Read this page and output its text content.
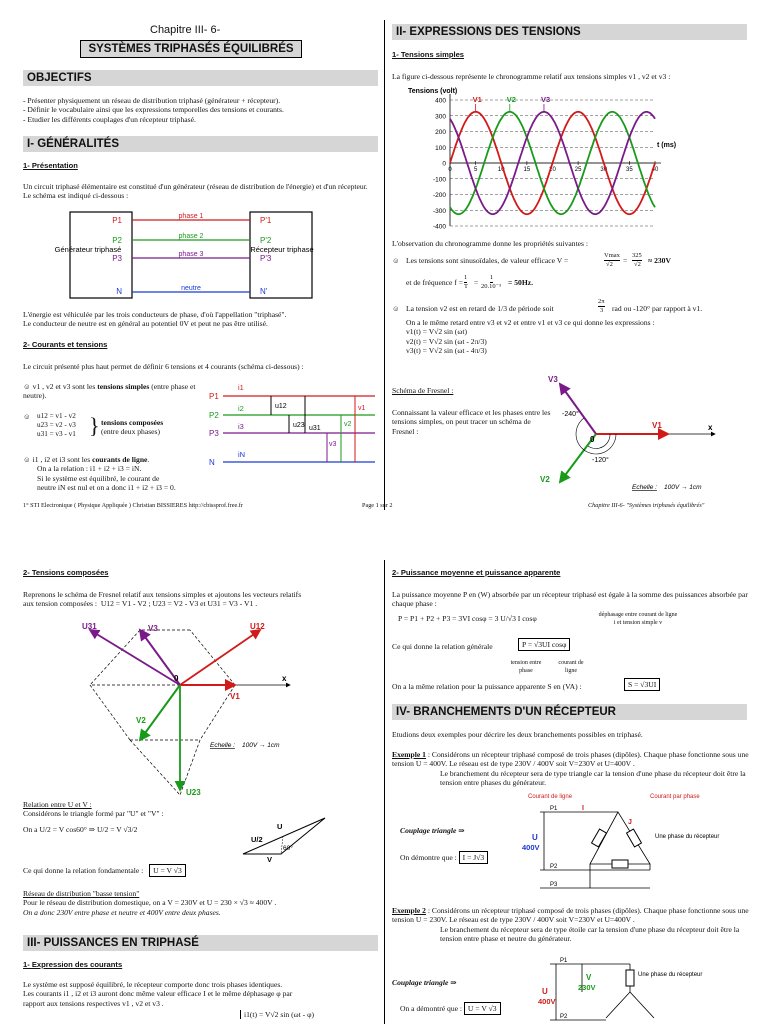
Chapitre III- 6-
SYSTÈMES TRIPHASÉS ÉQUILIBRÉS
OBJECTIFS
- Présenter physiquement un réseau de distribution triphasé (générateur + récepteur).
- Définir le vocabulaire ainsi que les expressions temporelles des tensions et courants.
- Etudier les différents couplages d'un récepteur triphasé.
I- GÉNÉRALITÉS
1- Présentation
Un circuit triphasé élémentaire est constitué d'un générateur (réseau de distribution de l'énergie) et d'un récepteur. Le schéma est indiqué ci-dessous :
P1
P2
P3
N
P'1
P'2
P'3
N'
phase 1
phase 2
phase 3
neutre
Générateur triphasé	Récepteur triphasé
L'énergie est véhiculée par les trois conducteurs de phase, d'où l'appellation "triphasé".
Le conducteur de neutre est en général au potentiel 0V et peut ne pas être utilisé.
2- Courants et tensions
Le circuit présenté plus haut permet de définir 6 tensions et 4 courants (schéma ci-dessous) :
☺ v1 , v2 et v3 sont les tensions simples (entre phase et neutre).
☺ u12 = v1 - v2
u23 = v2 - v3
u31 = v3 - v1 } tensions composées
(entre deux phases)
☺ i1 , i2 et i3 sont les courants de ligne.
On a la relation : i1 + i2 + i3 = iN.
Si le système est équilibré, le courant de
neutre iN est nul et on a donc i1 + i2 + i3 = 0.
P1
P2
P3
N
i1
i2
i3
iN
u12
u23 u31
v1
v2
v3
II- EXPRESSIONS DES TENSIONS
1- Tensions simples
La figure ci-dessous représente le chronogramme relatif aux tensions simples v1 , v2 et v3 :
-400
-300
-200
-100
0
100
200
300
400
0	5	10	15	20	25	30	35	40
Tensions (volt)
t (ms)
V1	V2	V3
L'observation du chronogramme donne les propriétés suivantes :
☺ Les tensions sont sinusoïdales, de valeur efficace V =
Vmax
√2 =
325
√2 ≈ 230V
et de fréquence f =
1
T =
1
20.10⁻³ = 50Hz.
☺ La tension v2 est en retard de 1/3 de période soit
2π
3 rad ou -120° par rapport à v1.
On a le même retard entre v3 et v2 et entre v1 et v3 ce qui donne les expressions :
v1(t) = V√2 sin (ωt)
v2(t) = V√2 sin (ωt - 2π/3)
v3(t) = V√2 sin (ωt - 4π/3)
Schéma de Fresnel :
Connaissant la valeur efficace et les phases entre les tensions simples, on peut tracer un schéma de Fresnel :
V3
V1
V2
0
x
-240°
-120°
Echelle : 100V → 1cm
1° STI Electronique ( Physique Appliquée ) Christian BISSIERES http://cbissprof.free.fr	Page 1 sur 2	Chapitre III-6- "Systèmes triphasés équilibrés"
2- Tensions composées
Reprenons le schéma de Fresnel relatif aux tensions simples et ajoutons les vecteurs relatifs
aux tension composées : U12 = V1 - V2 ; U23 = V2 - V3 et U31 = V3 - V1 .
U31	V3	U12
0	x
V1
V2
U23
Echelle : 100V → 1cm
Relation entre U et V :
Considérons le triangle formé par "U" et "V" :
On a U/2 = V cos60° ⇒ U/2 = V √3/2	U
U/2
60°
V
Ce qui donne la relation fondamentale : U = V √3
Réseau de distribution "basse tension"
Pour le réseau de distribution domestique, on a V = 230V et U = 230 × √3 ≈ 400V .
On a donc 230V entre phase et neutre et 400V entre deux phases.
III- PUISSANCES EN TRIPHASÉ
1- Expression des courants
Le système est supposé équilibré, le récepteur comporte donc trois phases identiques.
Les courants i1 , i2 et i3 auront donc même valeur efficace I et le même déphasage φ par
rapport aux tensions respectives v1 , v2 et v3 .
i1(t) = V√2 sin (ωt - φ)
2- Puissance moyenne et puissance apparente
La puissance moyenne P en (W) absorbée par un récepteur triphasé est égale à la somme des puissances absorbée par chaque phase :
P = P1 + P2 + P3 = 3VI cosφ = 3 U/√3 I cosφ	déphasage entre courant de ligne i et tension simple v
Ce qui donne la relation générale	P = √3UI cosφ
tension entre phase
courant de ligne
On a la même relation pour la puissance apparente S en (VA) :	S = √3UI
IV- BRANCHEMENTS D'UN RÉCEPTEUR
Etudions deux exemples pour décrire les deux branchements possibles en triphasé.
Exemple 1 : Considérons un récepteur triphasé composé de trois phases (dipôles). Chaque phase fonctionne sous une tension U = 400V. Le réseau est de type 230V / 400V soit V=230V et U=400V .
Le branchement du récepteur sera de type triangle car la tension d'une phase du récepteur doit être la tension entre phases du générateur.
Couplage triangle ⇒
On démontre que : I = J√3
P1
P2
P3
Courant de ligne	Courant par phase
I
J
U
400V
Une phase du récepteur
Exemple 2 : Considérons un récepteur triphasé composé de trois phases (dipôles). Chaque phase fonctionne sous une tension U = 230V. Le réseau est de type 230V / 400V soit V=230V et U=400V .
Le branchement du récepteur sera de type étoile car la tension d'une phase du récepteur doit être la tension entre phase et neutre du générateur.
Couplage triangle ⇒
On a démontré que : U = V √3
P1
P2
V
230V
U
400V
Une phase du récepteur
